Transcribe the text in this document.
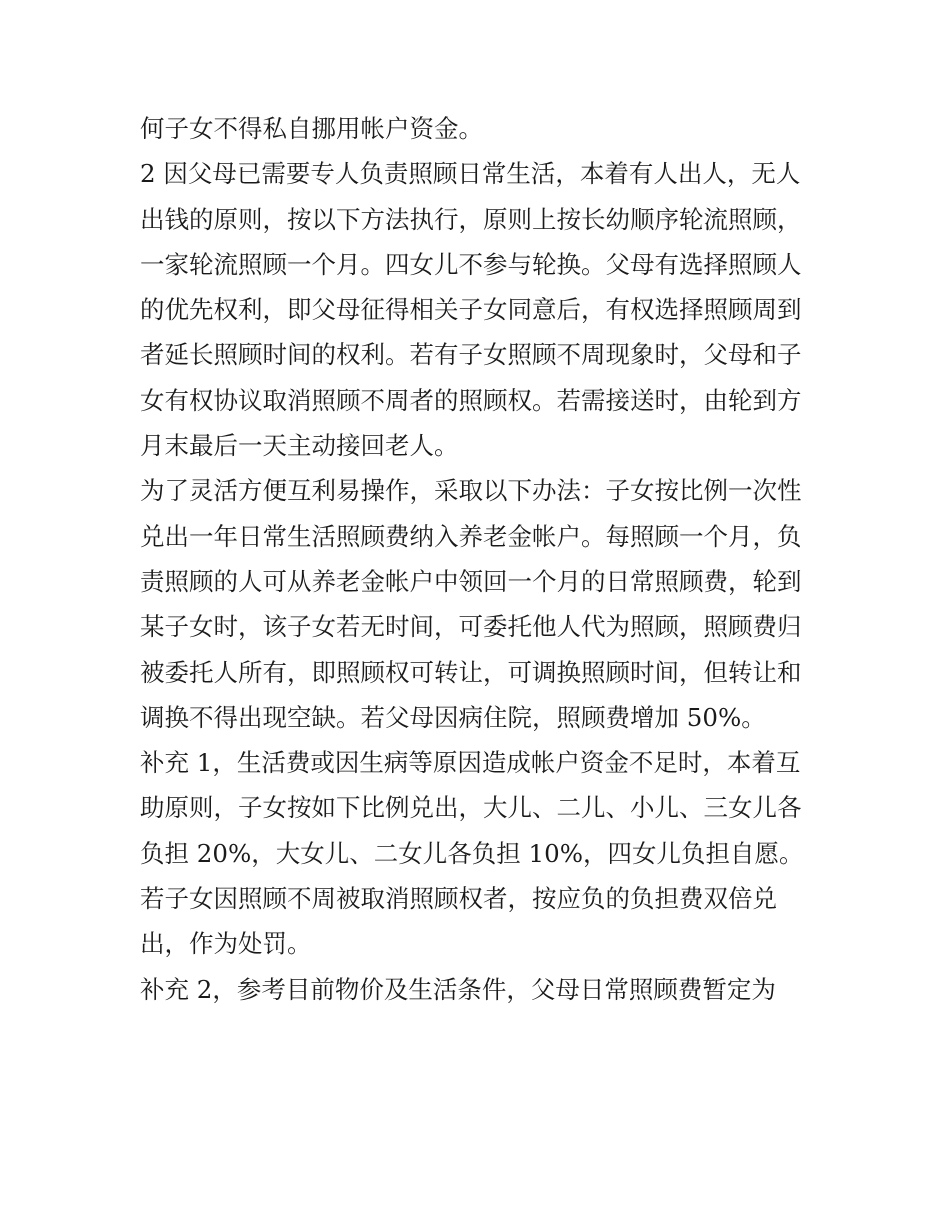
何子女不得私自挪用帐户资金。
2 因父母已需要专人负责照顾日常生活，本着有人出人，无人
出钱的原则，按以下方法执行，原则上按长幼顺序轮流照顾，
一家轮流照顾一个月。四女儿不参与轮换。父母有选择照顾人
的优先权利，即父母征得相关子女同意后，有权选择照顾周到
者延长照顾时间的权利。若有子女照顾不周现象时，父母和子
女有权协议取消照顾不周者的照顾权。若需接送时，由轮到方
月末最后一天主动接回老人。
为了灵活方便互利易操作，采取以下办法：子女按比例一次性
兑出一年日常生活照顾费纳入养老金帐户。每照顾一个月，负
责照顾的人可从养老金帐户中领回一个月的日常照顾费，轮到
某子女时，该子女若无时间，可委托他人代为照顾，照顾费归
被委托人所有，即照顾权可转让，可调换照顾时间，但转让和
调换不得出现空缺。若父母因病住院，照顾费增加 50%。
补充 1，生活费或因生病等原因造成帐户资金不足时，本着互
助原则，子女按如下比例兑出，大儿、二儿、小儿、三女儿各
负担 20%，大女儿、二女儿各负担 10%，四女儿负担自愿。
若子女因照顾不周被取消照顾权者，按应负的负担费双倍兑
出，作为处罚。
补充 2，参考目前物价及生活条件，父母日常照顾费暂定为
